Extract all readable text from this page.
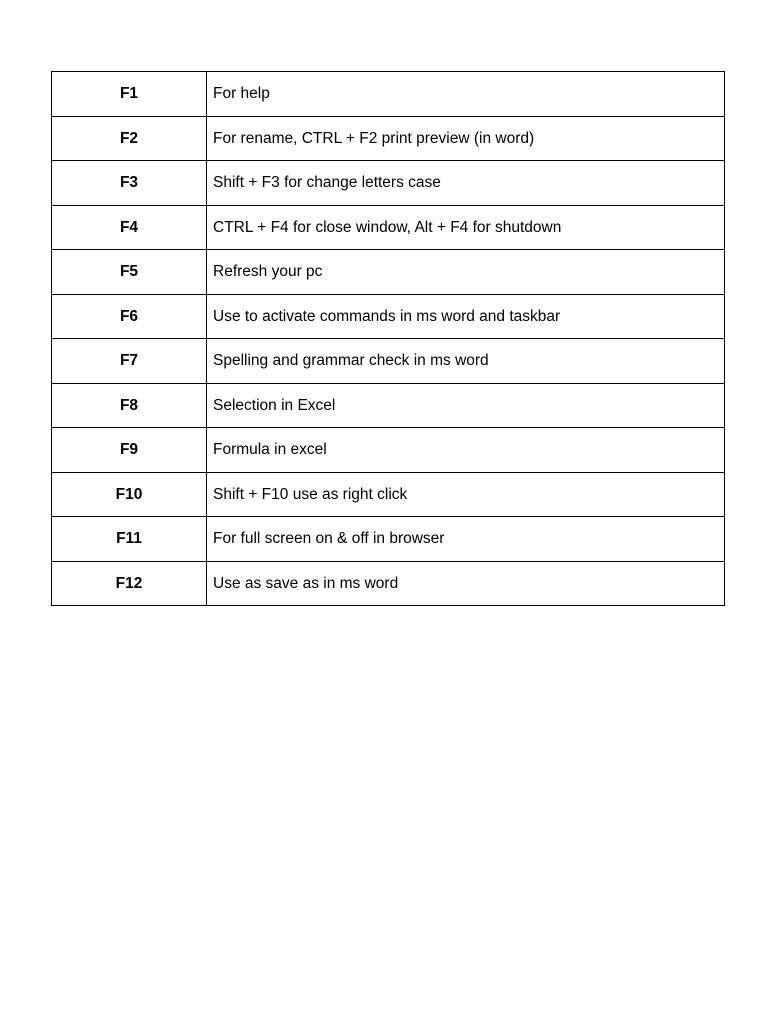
F1	For help
F2	For rename, CTRL + F2 print preview (in word)
F3	Shift + F3 for change letters case
F4	CTRL + F4 for close window, Alt + F4 for shutdown
F5	Refresh your pc
F6	Use to activate commands in ms word and taskbar
F7	Spelling and grammar check in ms word
F8	Selection in Excel
F9	Formula in excel
F10	Shift + F10 use as right click
F11	For full screen on & off in browser
F12	Use as save as in ms word
